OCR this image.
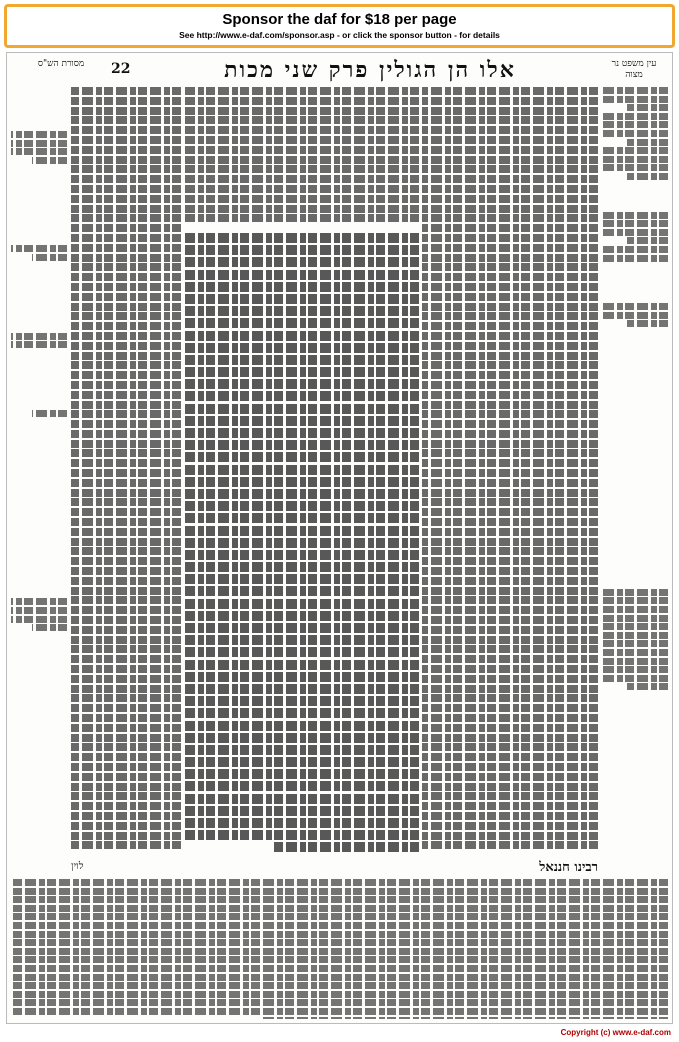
Sponsor the daf for $18 per page
See http://www.e-daf.com/sponsor.asp - or click the sponsor button - for details
מסורת הש"ס	22	אלו הן הגולין פרק שני מכות	עין משפט נר מצוה
רבינו חננאל
לוין
Copyright (c) www.e-daf.com
